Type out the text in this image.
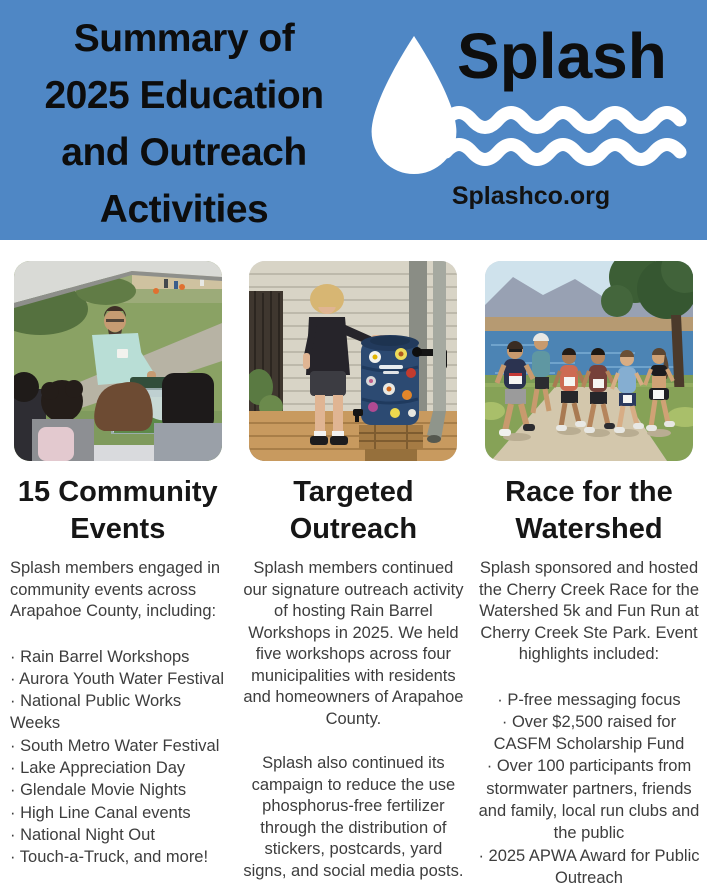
Summary of
2025 Education
and Outreach
Activities
Splash
Splashco.org
15 Community Events

Splash members engaged in community events across Arapahoe County, including:

· Rain Barrel Workshops
· Aurora Youth Water Festival
· National Public Works Weeks
· South Metro Water Festival
· Lake Appreciation Day
· Glendale Movie Nights
· High Line Canal events
· National Night Out
· Touch-a-Truck, and more!
Targeted Outreach

Splash members continued our signature outreach activity of hosting Rain Barrel Workshops in 2025. We held five workshops across four municipalities with residents and homeowners of Arapahoe County.

Splash also continued its campaign to reduce the use phosphorus-free fertilizer through the distribution of stickers, postcards, yard signs, and social media posts.

Race for the Watershed

Splash sponsored and hosted the Cherry Creek Race for the Watershed 5k and Fun Run at Cherry Creek Ste Park. Event highlights included:

· P-free messaging focus
· Over $2,500 raised for CASFM Scholarship Fund
· Over 100 participants from stormwater partners, friends and family, local run clubs and the public
· 2025 APWA Award for Public Outreach
